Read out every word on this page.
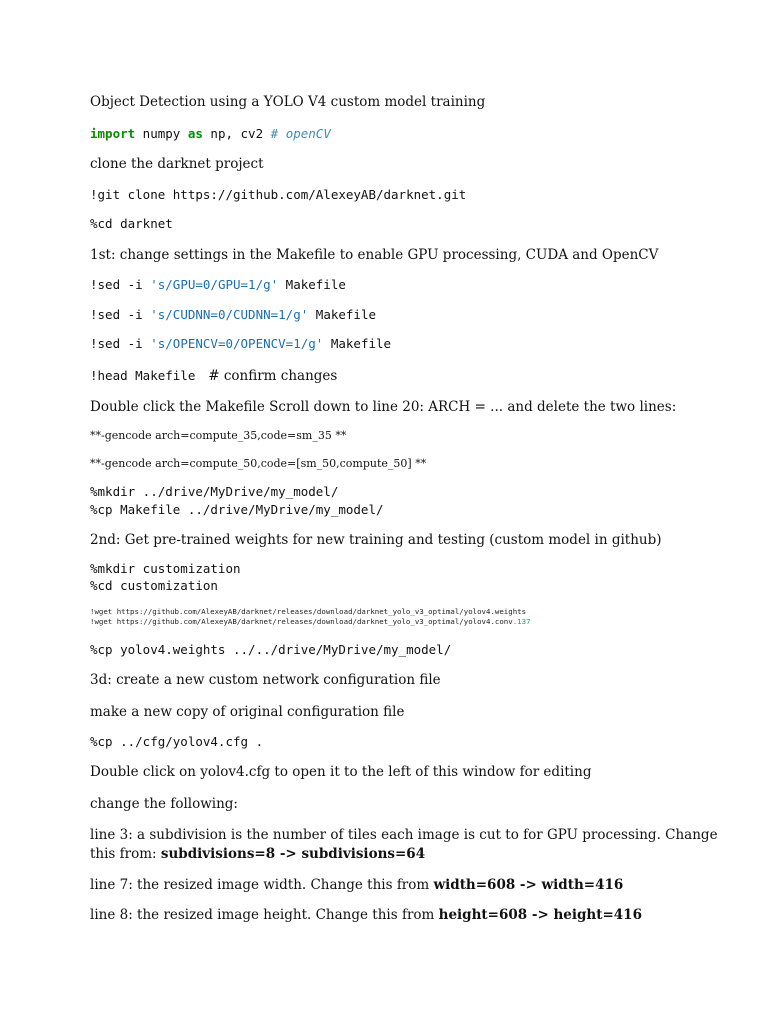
Object Detection using a YOLO V4 custom model training
import numpy as np, cv2 # openCV
clone the darknet project
!git clone https://github.com/AlexeyAB/darknet.git
%cd darknet
1st: change settings in the Makefile to enable GPU processing, CUDA and OpenCV
!sed -i 's/GPU=0/GPU=1/g' Makefile
!sed -i 's/CUDNN=0/CUDNN=1/g' Makefile
!sed -i 's/OPENCV=0/OPENCV=1/g' Makefile
!head Makefile   # confirm changes
Double click the Makefile Scroll down to line 20: ARCH = ... and delete the two lines:
**-gencode arch=compute_35,code=sm_35 **
**-gencode arch=compute_50,code=[sm_50,compute_50] **
%mkdir ../drive/MyDrive/my_model/
%cp Makefile ../drive/MyDrive/my_model/
2nd: Get pre-trained weights for new training and testing (custom model in github)
%mkdir customization
%cd customization
!wget https://github.com/AlexeyAB/darknet/releases/download/darknet_yolo_v3_optimal/yolov4.weights
!wget https://github.com/AlexeyAB/darknet/releases/download/darknet_yolo_v3_optimal/yolov4.conv.137
%cp yolov4.weights ../../drive/MyDrive/my_model/
3d: create a new custom network configuration file
make a new copy of original configuration file
%cp ../cfg/yolov4.cfg .
Double click on yolov4.cfg to open it to the left of this window for editing
change the following:
line 3: a subdivision is the number of tiles each image is cut to for GPU processing. Change
this from: subdivisions=8 -> subdivisions=64
line 7: the resized image width. Change this from width=608 -> width=416
line 8: the resized image height. Change this from height=608 -> height=416
